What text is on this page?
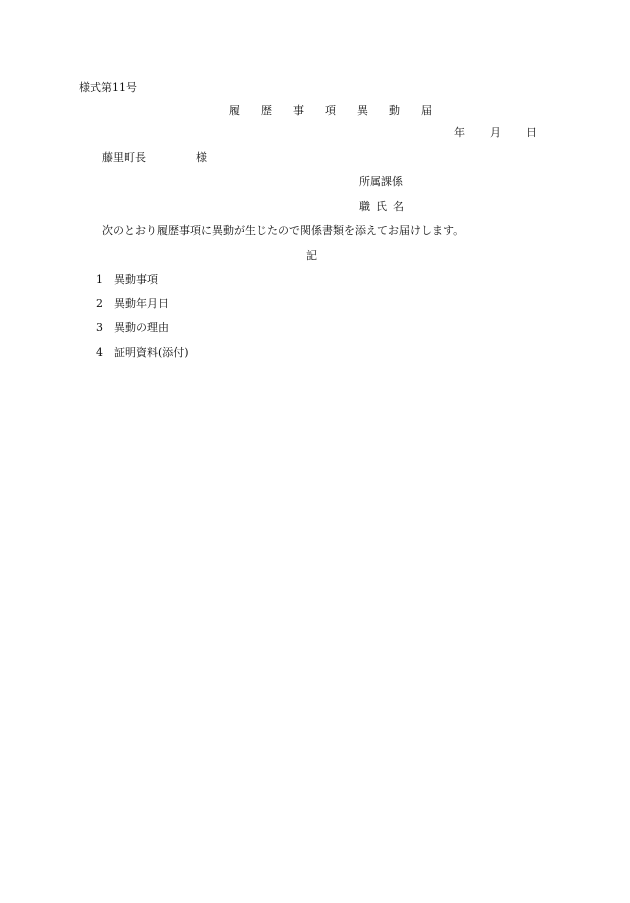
様式第11号
履 歴 事 項 異 動 届
年 月 日
藤里町長	様
所属課係
職 氏 名
次のとおり履歴事項に異動が生じたので関係書類を添えてお届けします。
記
1 異動事項
2 異動年月日
3 異動の理由
4 証明資料(添付)
